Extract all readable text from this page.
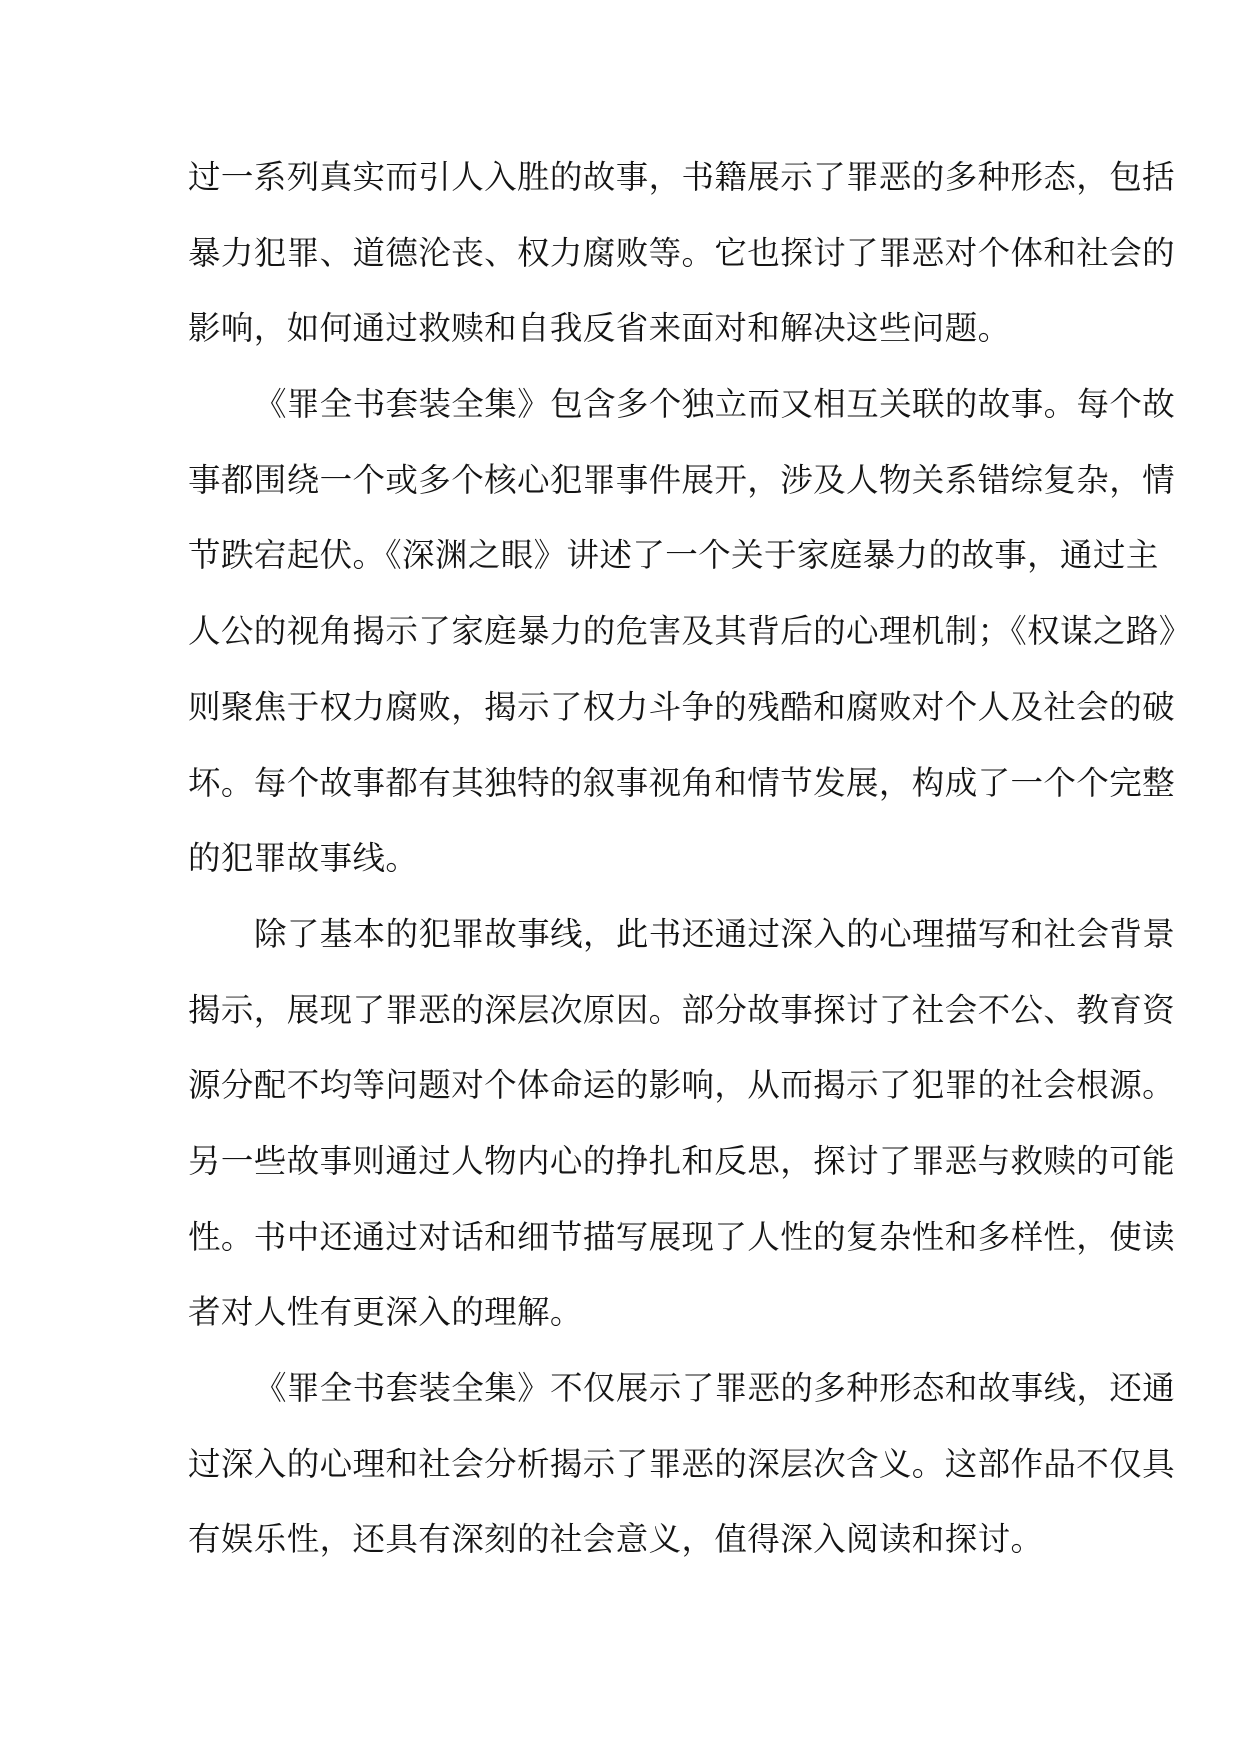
过一系列真实而引人入胜的故事，书籍展示了罪恶的多种形态，包括
暴力犯罪、道德沦丧、权力腐败等。它也探讨了罪恶对个体和社会的
影响，如何通过救赎和自我反省来面对和解决这些问题。
《罪全书套装全集》包含多个独立而又相互关联的故事。每个故
事都围绕一个或多个核心犯罪事件展开，涉及人物关系错综复杂，情
节跌宕起伏。《深渊之眼》讲述了一个关于家庭暴力的故事，通过主
人公的视角揭示了家庭暴力的危害及其背后的心理机制；《权谋之路》
则聚焦于权力腐败，揭示了权力斗争的残酷和腐败对个人及社会的破
坏。每个故事都有其独特的叙事视角和情节发展，构成了一个个完整
的犯罪故事线。
除了基本的犯罪故事线，此书还通过深入的心理描写和社会背景
揭示，展现了罪恶的深层次原因。部分故事探讨了社会不公、教育资
源分配不均等问题对个体命运的影响，从而揭示了犯罪的社会根源。
另一些故事则通过人物内心的挣扎和反思，探讨了罪恶与救赎的可能
性。书中还通过对话和细节描写展现了人性的复杂性和多样性，使读
者对人性有更深入的理解。
《罪全书套装全集》不仅展示了罪恶的多种形态和故事线，还通
过深入的心理和社会分析揭示了罪恶的深层次含义。这部作品不仅具
有娱乐性，还具有深刻的社会意义，值得深入阅读和探讨。
